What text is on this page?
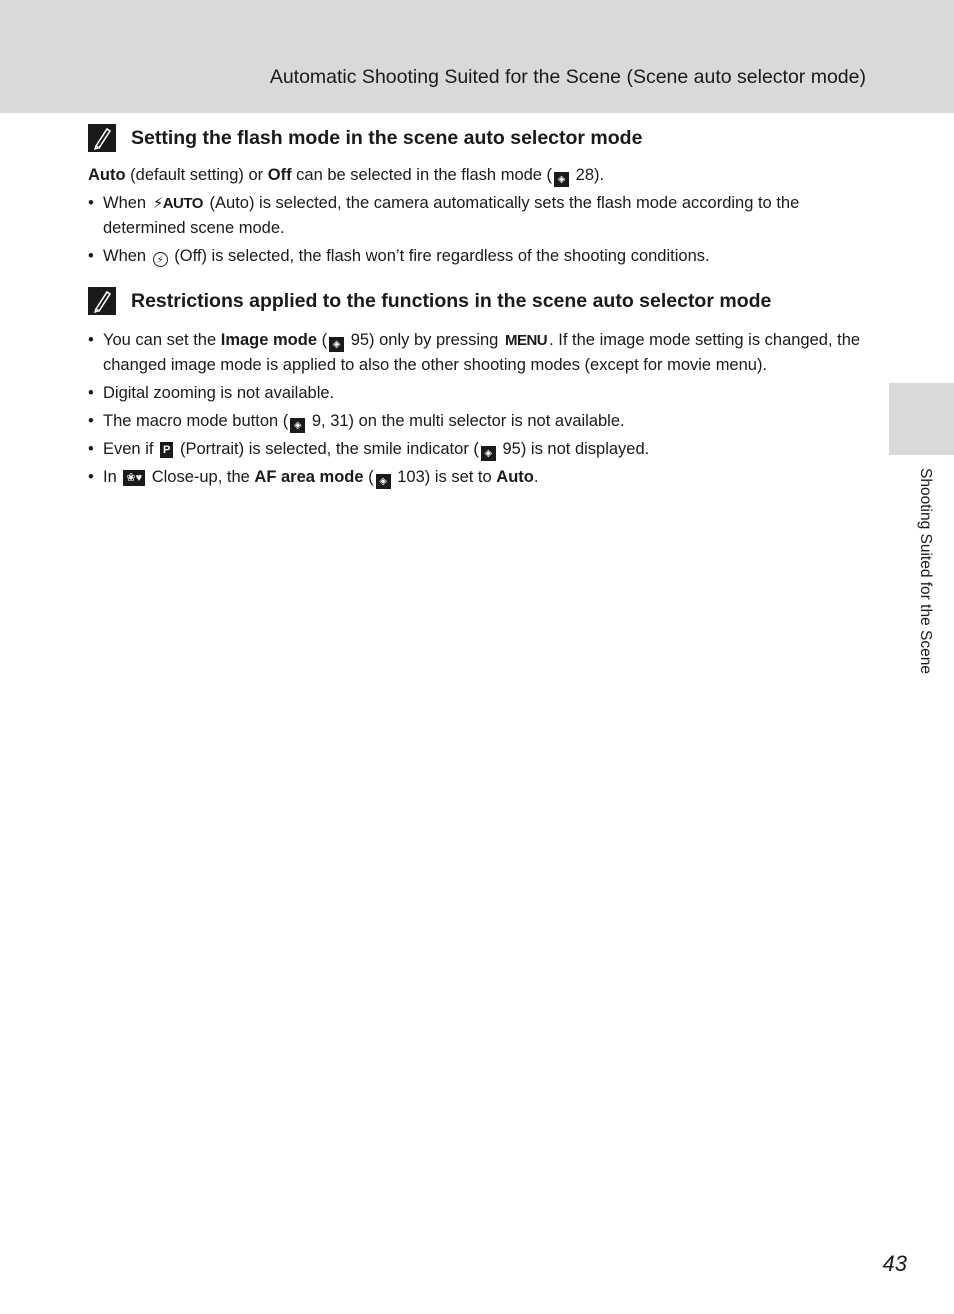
Automatic Shooting Suited for the Scene (Scene auto selector mode)
Shooting Suited for the Scene
Setting the flash mode in the scene auto selector mode

Auto (default setting) or Off can be selected in the flash mode ( ◈ 28).

• When ⚡AUTO (Auto) is selected, the camera automatically sets the flash mode according to the determined scene mode.
• When ⚡ (Off) is selected, the flash won’t fire regardless of the shooting conditions.
Restrictions applied to the functions in the scene auto selector mode
• You can set the Image mode ( ◈ 95) only by pressing MENU . If the image mode setting is changed, the changed image mode is applied to also the other shooting modes (except for movie menu).
• Digital zooming is not available.
• The macro mode button ( ◈ 9, 31) on the multi selector is not available.
• Even if P (Portrait) is selected, the smile indicator ( ◈ 95) is not displayed.
• In ❀♥ Close-up, the AF area mode ( ◈ 103) is set to Auto.
43
